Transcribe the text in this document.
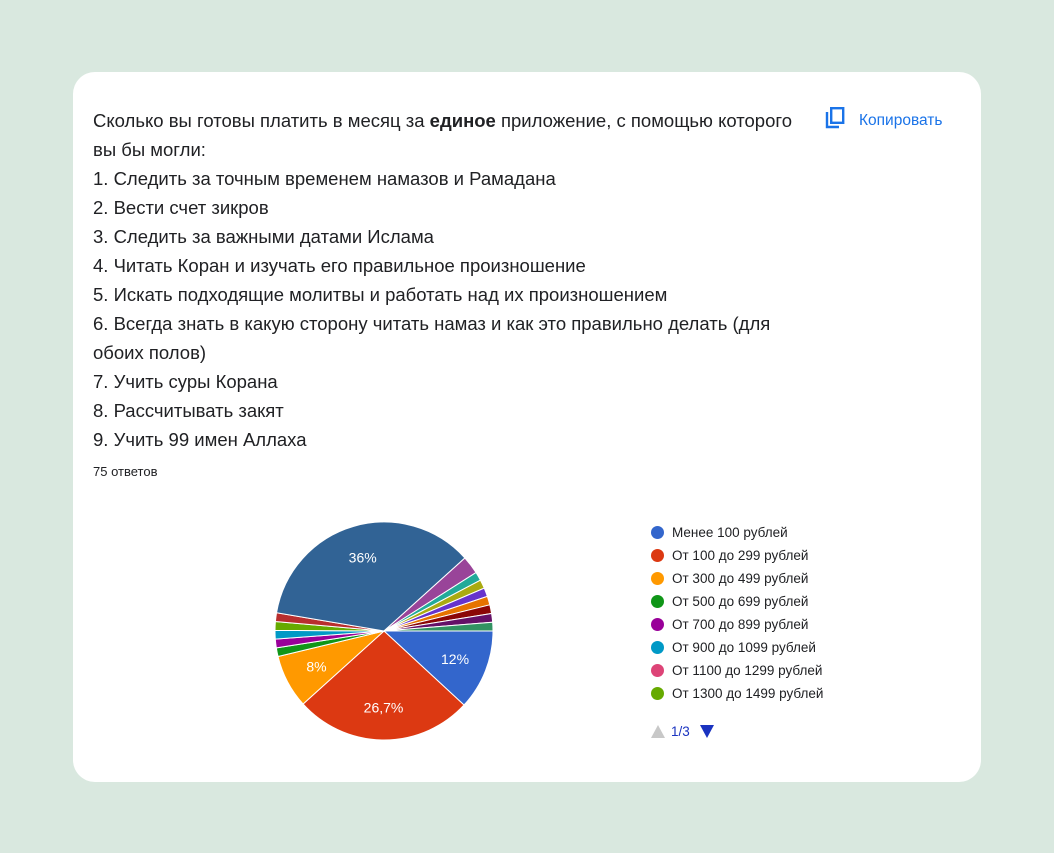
Сколько вы готовы платить в месяц за единое приложение, с помощью которого вы бы могли:

1. Следить за точным временем намазов и Рамадана

2. Вести счет зикров

3. Следить за важными датами Ислама

4. Читать Коран и изучать его правильное произношение

5. Искать подходящие молитвы и работать над их произношением

6. Всегда знать в какую сторону читать намаз и как это правильно делать (для обоих полов)

7. Учить суры Корана

8. Рассчитывать закят

9. Учить 99 имен Аллаха

Копировать
75 ответов
12%
26,7%
8%
36%
Менее 100 рублей
От 100 до 299 рублей
От 300 до 499 рублей
От 500 до 699 рублей
От 700 до 899 рублей
От 900 до 1099 рублей
От 1100 до 1299 рублей
От 1300 до 1499 рублей
1/3
